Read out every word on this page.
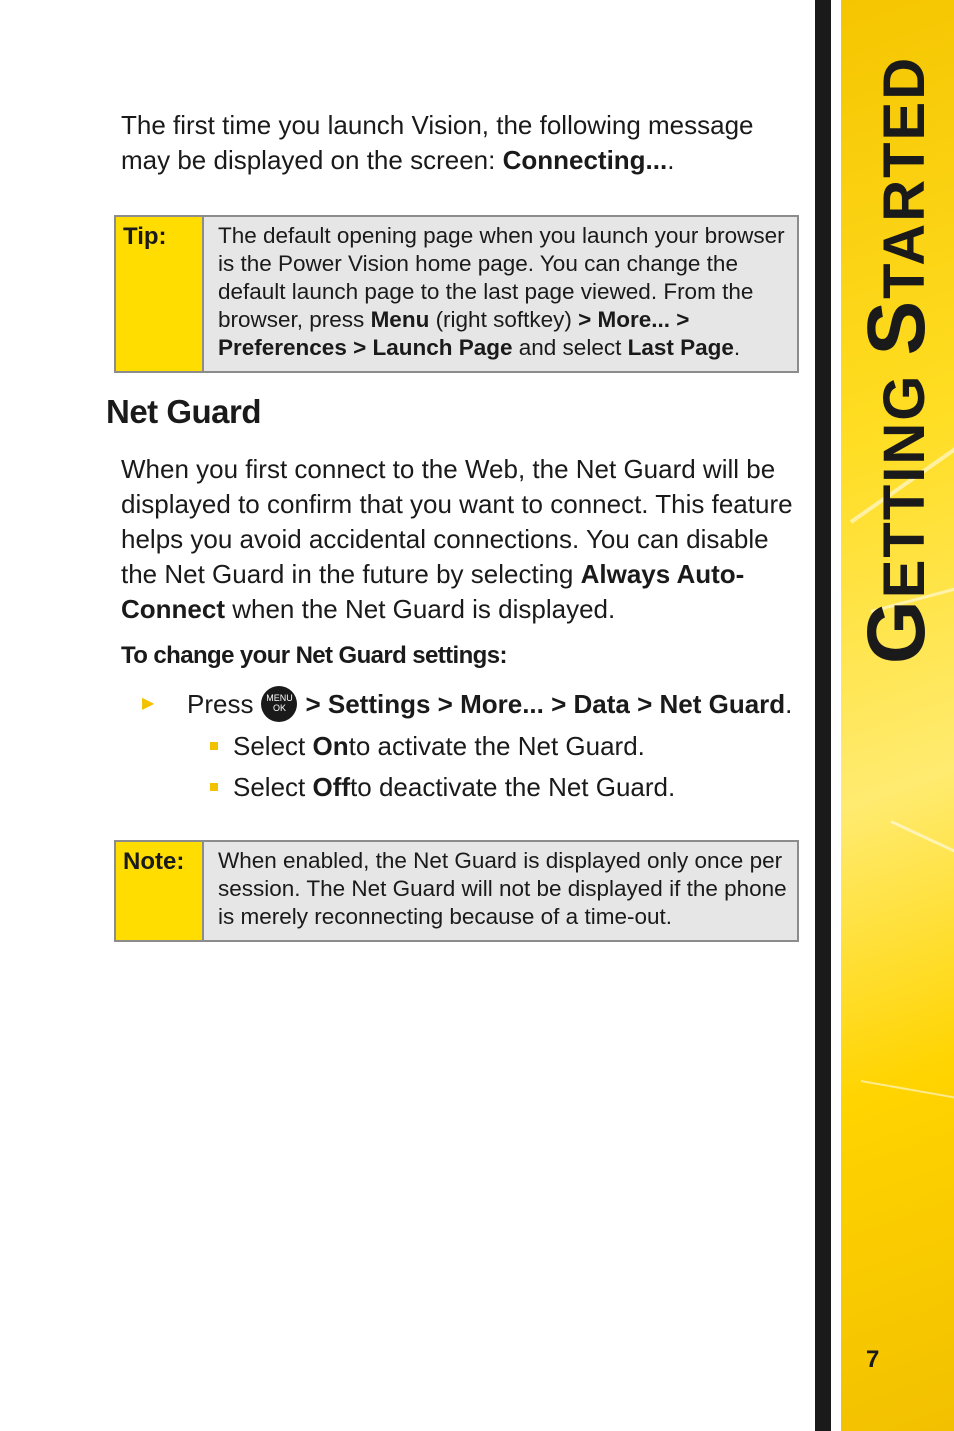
The first time you launch Vision, the following message may be displayed on the screen: Connecting....
Tip:	The default opening page when you launch your browser is the Power Vision home page. You can change the default launch page to the last page viewed. From the browser, press Menu (right softkey) > More... > Preferences > Launch Page and select Last Page.
Net Guard
When you first connect to the Web, the Net Guard will be displayed to confirm that you want to connect. This feature helps you avoid accidental connections. You can disable the Net Guard in the future by selecting Always Auto-Connect when the Net Guard is displayed.
To change your Net Guard settings:
▶	Press	MENU
OK > Settings > More... > Data > Net Guard .
Select
On to activate the Net Guard.
Select
Off to deactivate the Net Guard.
Note:	When enabled, the Net Guard is displayed only once per session. The Net Guard will not be displayed if the phone is merely reconnecting because of a time-out.
GETTING STARTED
7
